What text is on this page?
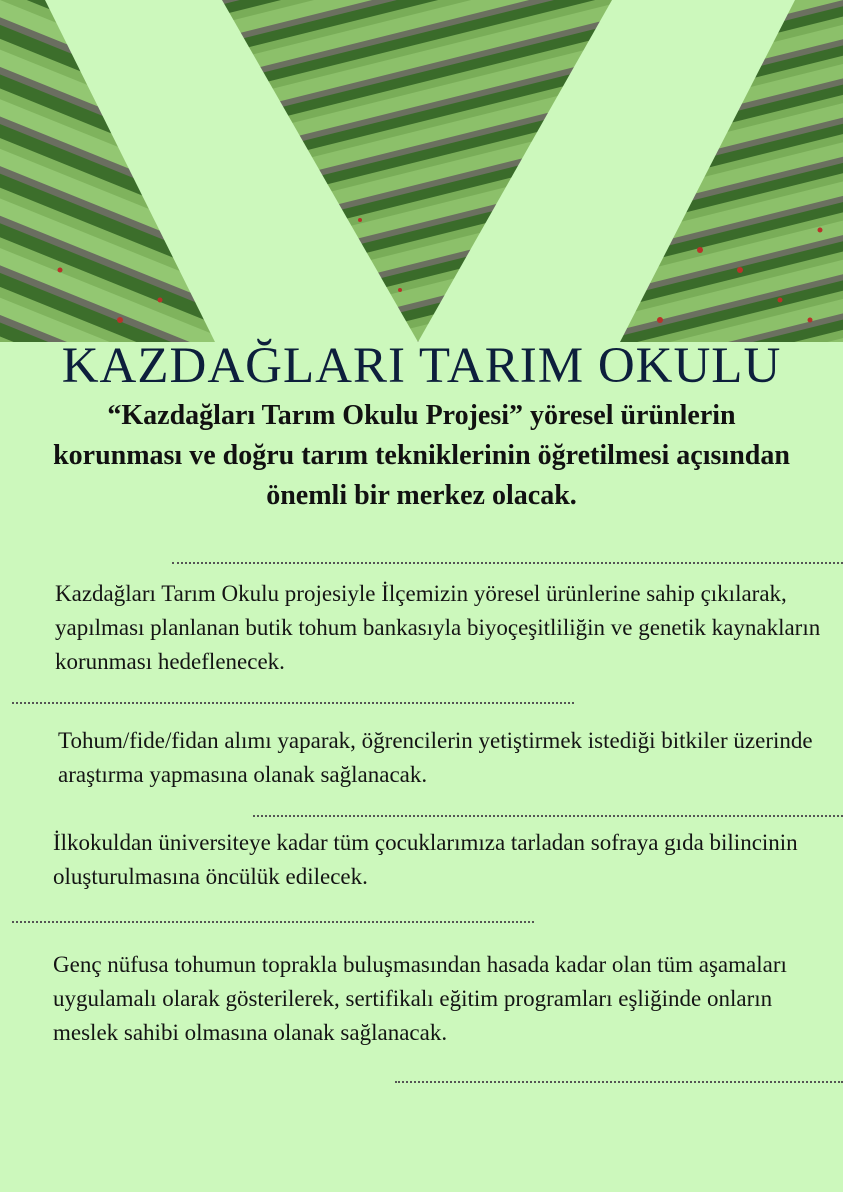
KAZDAĞLARI TARIM OKULU

“Kazdağları Tarım Okulu Projesi” yöresel ürünlerin korunması ve doğru tarım tekniklerinin öğretilmesi açısından önemli bir merkez olacak.

Kazdağları Tarım Okulu projesiyle İlçemizin yöresel ürünlerine sahip çıkılarak, yapılması planlanan butik tohum bankasıyla biyoçeşitliliğin ve genetik kaynakların korunması hedeflenecek.

Tohum/fide/fidan alımı yaparak, öğrencilerin yetiştirmek istediği bitkiler üzerinde araştırma yapmasına olanak sağlanacak.

İlkokuldan üniversiteye kadar tüm çocuklarımıza tarladan sofraya gıda bilincinin oluşturulmasına öncülük edilecek.

Genç nüfusa tohumun toprakla buluşmasından hasada kadar olan tüm aşamaları uygulamalı olarak gösterilerek, sertifikalı eğitim programları eşliğinde onların meslek sahibi olmasına olanak sağlanacak.
